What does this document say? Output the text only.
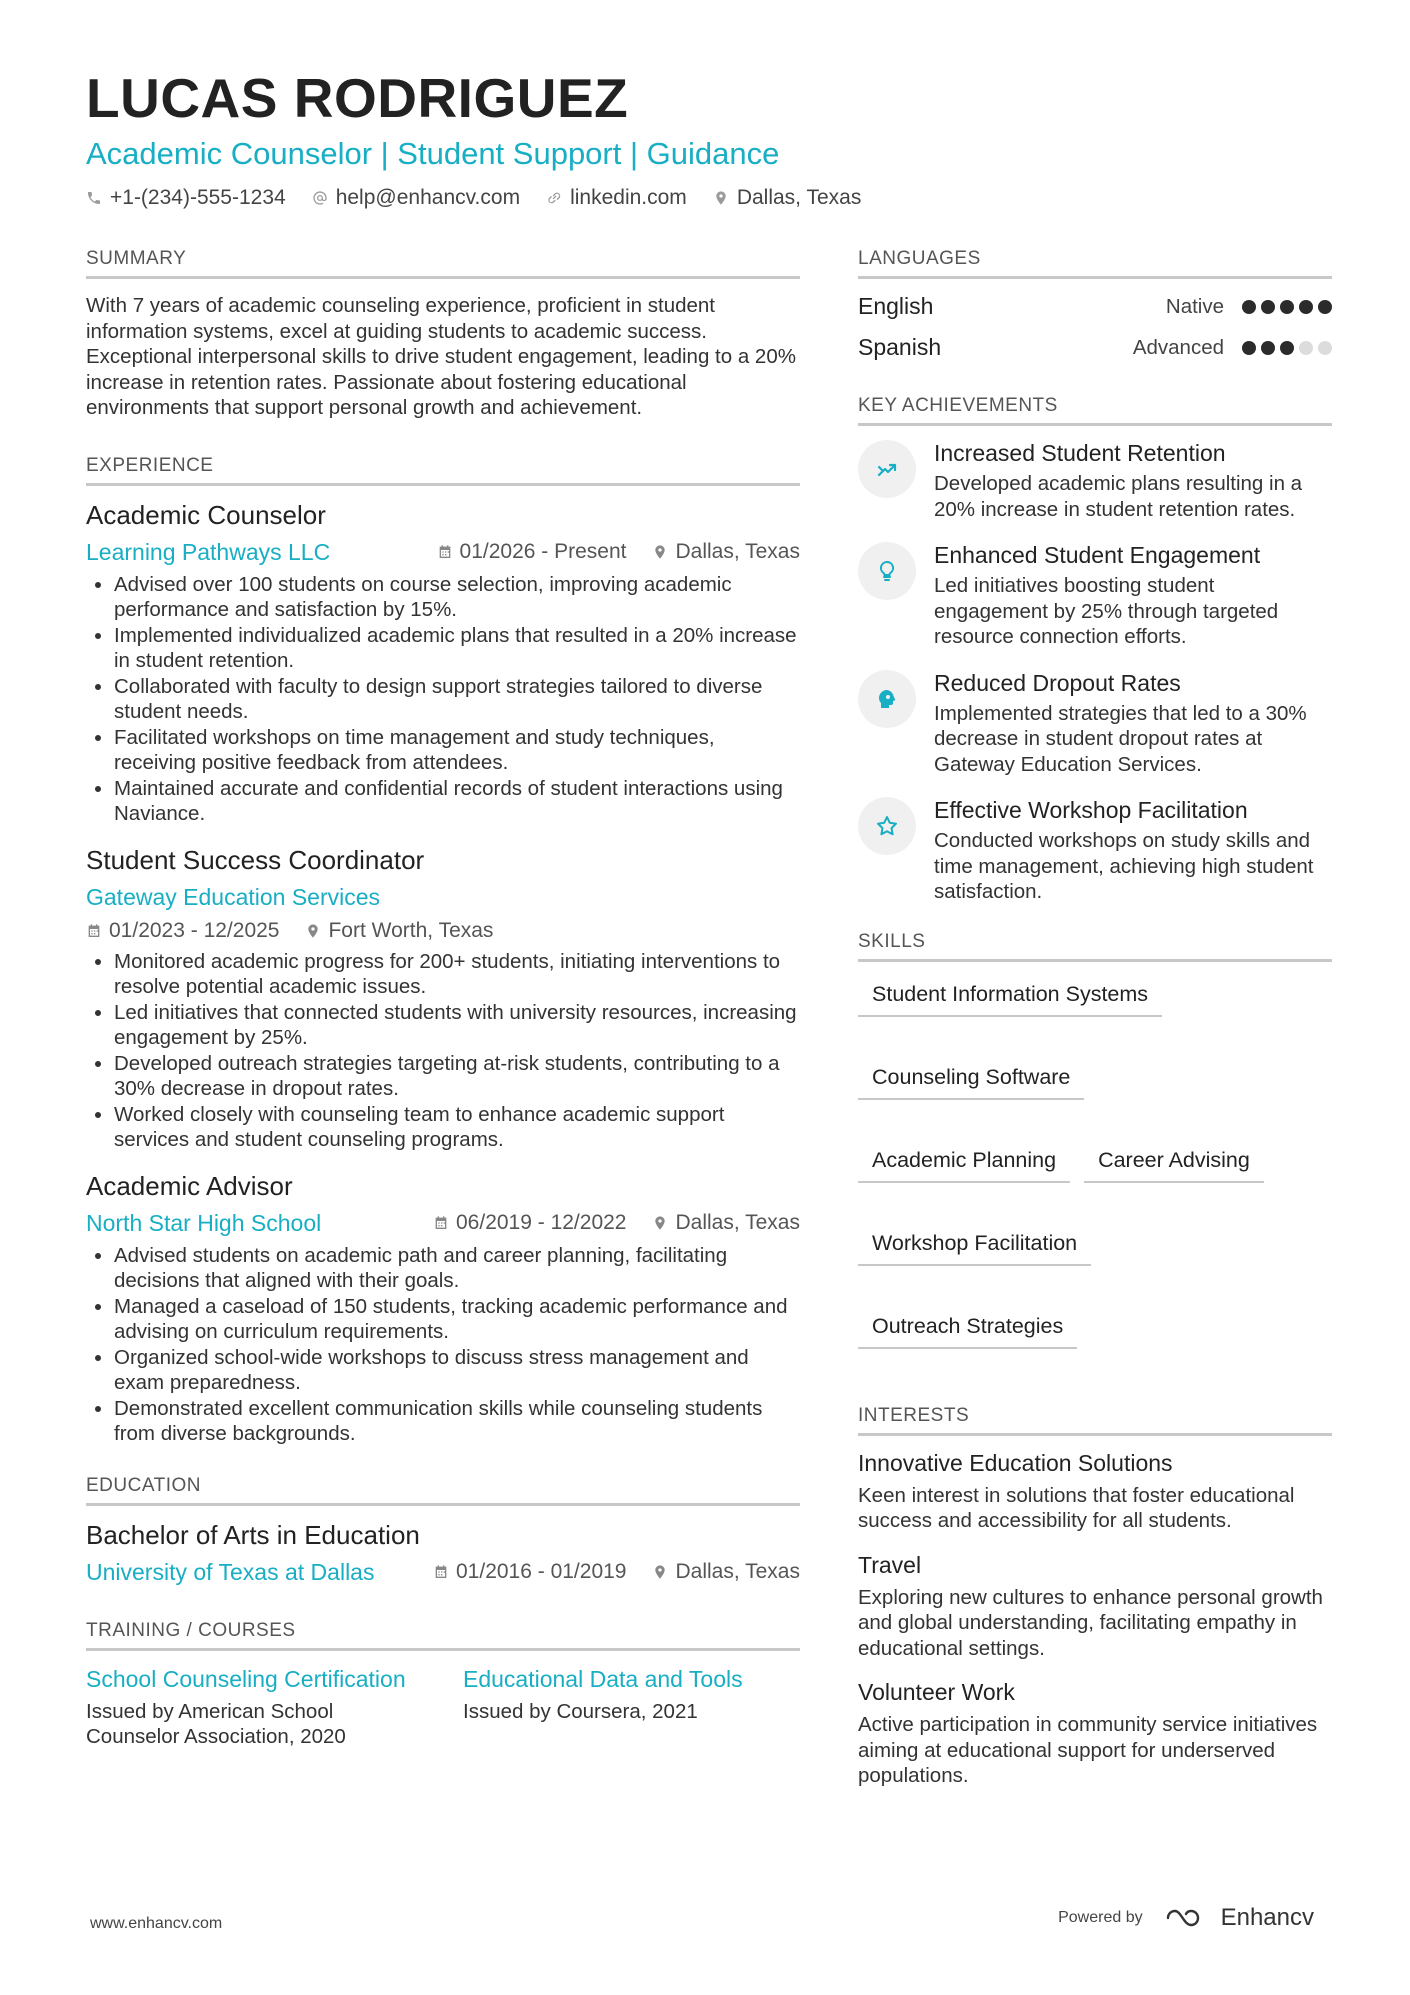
LUCAS RODRIGUEZ
Academic Counselor | Student Support | Guidance
+1-(234)-555-1234 help@enhancv.com linkedin.com Dallas, Texas
SUMMARY

With 7 years of academic counseling experience, proficient in student information systems, excel at guiding students to academic success. Exceptional interpersonal skills to drive student engagement, leading to a 20% increase in retention rates. Passionate about fostering educational environments that support personal growth and achievement.

EXPERIENCE
Academic Counselor
Learning Pathways LLC	01/2026 - Present Dallas, Texas
• Advised over 100 students on course selection, improving academic performance and satisfaction by 15%.
• Implemented individualized academic plans that resulted in a 20% increase in student retention.
• Collaborated with faculty to design support strategies tailored to diverse student needs.
• Facilitated workshops on time management and study techniques, receiving positive feedback from attendees.
• Maintained accurate and confidential records of student interactions using Naviance.
Student Success Coordinator
Gateway Education Services
01/2023 - 12/2025 Fort Worth, Texas
• Monitored academic progress for 200+ students, initiating interventions to resolve potential academic issues.
• Led initiatives that connected students with university resources, increasing engagement by 25%.
• Developed outreach strategies targeting at-risk students, contributing to a 30% decrease in dropout rates.
• Worked closely with counseling team to enhance academic support services and student counseling programs.
Academic Advisor
North Star High School	06/2019 - 12/2022 Dallas, Texas
• Advised students on academic path and career planning, facilitating decisions that aligned with their goals.
• Managed a caseload of 150 students, tracking academic performance and advising on curriculum requirements.
• Organized school-wide workshops to discuss stress management and exam preparedness.
• Demonstrated excellent communication skills while counseling students from diverse backgrounds.
EDUCATION
Bachelor of Arts in Education
University of Texas at Dallas	01/2016 - 01/2019 Dallas, Texas
TRAINING / COURSES
School Counseling Certification
Issued by American School Counselor Association, 2020
Educational Data and Tools
Issued by Coursera, 2021
LANGUAGES
English	Native
Spanish	Advanced
KEY ACHIEVEMENTS
Increased Student Retention
Developed academic plans resulting in a 20% increase in student retention rates.
Enhanced Student Engagement
Led initiatives boosting student engagement by 25% through targeted resource connection efforts.
Reduced Dropout Rates
Implemented strategies that led to a 30% decrease in student dropout rates at Gateway Education Services.
Effective Workshop Facilitation
Conducted workshops on study skills and time management, achieving high student satisfaction.
SKILLS
Student Information Systems
Counseling Software
Academic Planning	Career Advising
Workshop Facilitation
Outreach Strategies
INTERESTS
Innovative Education Solutions
Keen interest in solutions that foster educational success and accessibility for all students.
Travel
Exploring new cultures to enhance personal growth and global understanding, facilitating empathy in educational settings.
Volunteer Work
Active participation in community service initiatives aiming at educational support for underserved populations.
www.enhancv.com	Powered by	Enhancv
